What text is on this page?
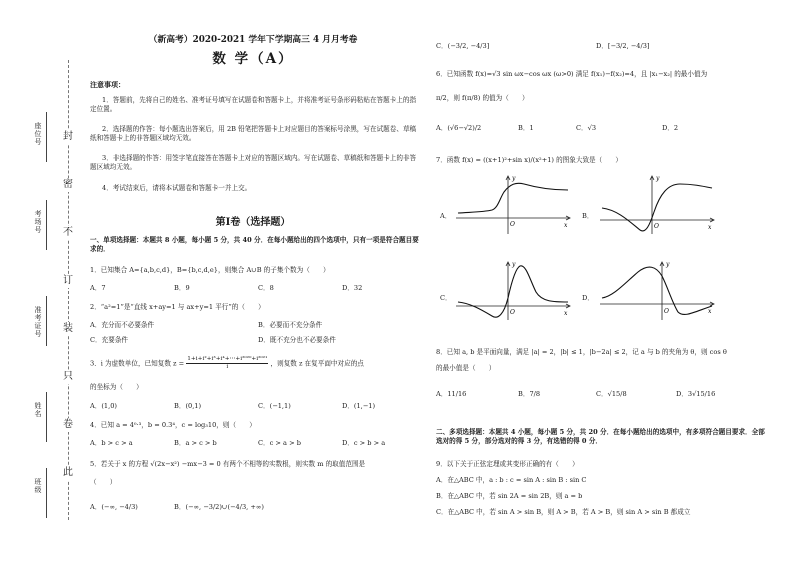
封
密
不
订
装
只
卷
此
座位号
考场号
准考证号
姓名
班级
（新高考）2020-2021 学年下学期高三 4 月月考卷
数 学（A）
注意事项：
1．答题前，先将自己的姓名、准考证号填写在试题卷和答题卡上，并将准考证号条形码粘贴在答题卡上的指定位置。
2．选择题的作答：每小题选出答案后，用 2B 铅笔把答题卡上对应题目的答案标号涂黑，写在试题卷、草稿纸和答题卡上的非答题区域均无效。
3．非选择题的作答：用签字笔直接答在答题卡上对应的答题区域内。写在试题卷、草稿纸和答题卡上的非答题区域均无效。
4．考试结束后，请将本试题卷和答题卡一并上交。
第Ⅰ卷（选择题）
一、单项选择题：本题共 8 小题，每小题 5 分，共 40 分．在每小题给出的四个选项中，只有一项是符合题目要求的．
1．已知集合 A={a,b,c,d}，B={b,c,d,e}，则集合 A∪B 的子集个数为（　　）
A．7	B．9	C．8	D．32
2．“a²=1”是“直线 x+ay=1 与 ax+y=1 平行”的（　　）
A．充分而不必要条件	B．必要而不充分条件
C．充要条件	D．既不充分也不必要条件
3．i 为虚数单位，已知复数 $z = \frac{\text{1+i+i²+i³+i⁴+⋯+i²⁰²⁰+i²⁰²¹}}{i}$ ，则复数 z 在复平面中对应的点
的坐标为（　　）
A．(1,0)	B．(0,1)	C．(−1,1)	D．(1,−1)
4．已知 a = 4⁰·³，b = 0.3⁴，c = log₃10，则（　　）
A．b > c > a	B．a > c > b	C．c > a > b	D．c > b > a
5．若关于 x 的方程 √(2x−x²) −mx−3 = 0 有两个不相等的实数根，则实数 m 的取值范围是
（　　）
A．(−∞, −4/3)	B．(−∞, −3/2)∪(−4/3, +∞)
C．(−3/2, −4/3]	D．[−3/2, −4/3]
6．已知函数 f(x)=√3 sin ωx−cos ωx (ω>0) 满足 f(x₁)−f(x₂)=4，且 |x₁−x₂| 的最小值为
π/2，则 f(π/8) 的值为（　　）
A．(√6−√2)/2	B．1	C．√3	D．2
7．函数 f(x) = ((x+1)²+sin x)/(x²+1) 的图象大致是（　　）
A．
O
y
x
B．
O
y
x
C．
O
y
x
D．
O
y
x
8．已知 a, b 是平面向量，满足 |a| = 2，|b| ≤ 1，|b−2a| ≤ 2，记 a 与 b 的夹角为 θ，则 cos θ
的最小值是（　　）
A．11/16	B．7/8	C．√15/8	D．3√15/16
二、多项选择题：本题共 4 小题，每小题 5 分，共 20 分．在每小题给出的选项中，有多项符合题目要求．全部选对的得 5 分，部分选对的得 3 分，有选错的得 0 分．
9．以下关于正弦定理或其变形正确的有（　　）
A．在△ABC 中，a : b : c = sin A : sin B : sin C
B．在△ABC 中，若 sin 2A = sin 2B，则 a = b
C．在△ABC 中，若 sin A > sin B，则 A > B，若 A > B，则 sin A > sin B 都成立
